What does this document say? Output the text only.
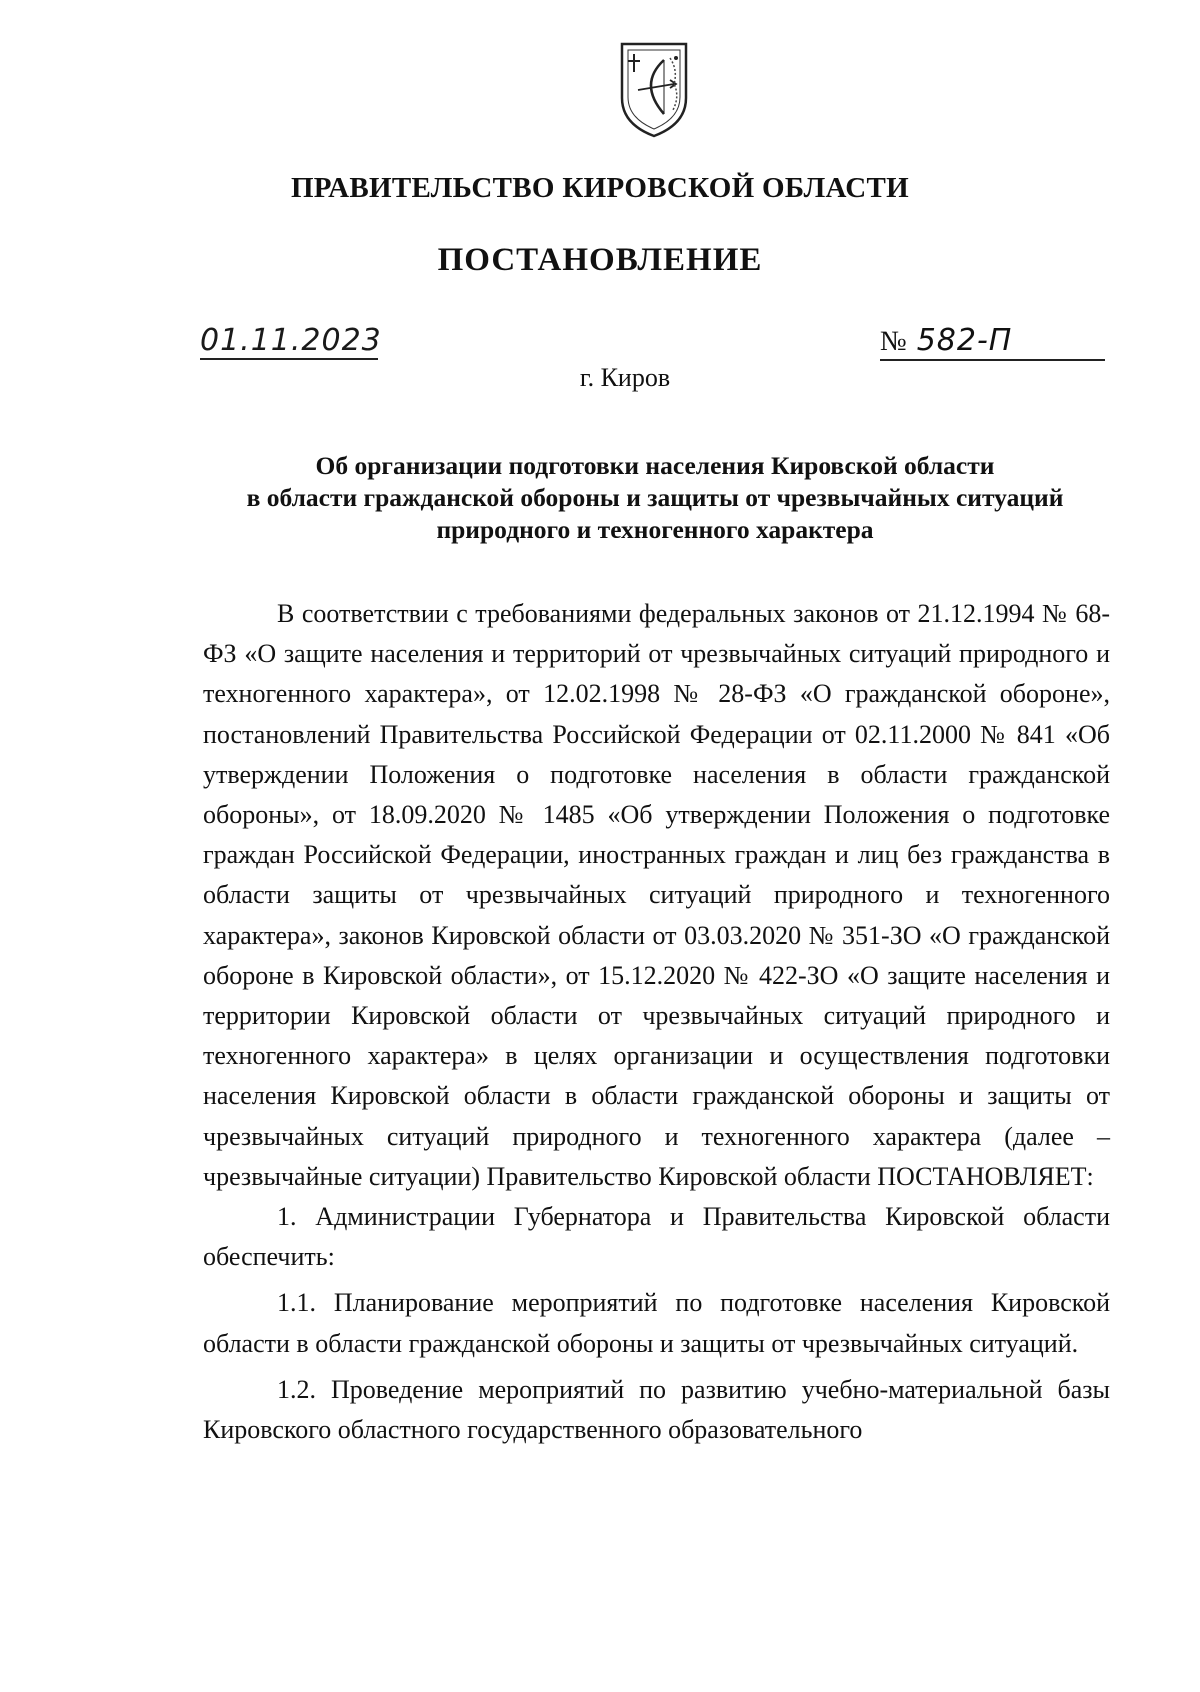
ПРАВИТЕЛЬСТВО КИРОВСКОЙ ОБЛАСТИ
ПОСТАНОВЛЕНИЕ
01.11.2023	№ 582-П
г. Киров
Об организации подготовки населения Кировской области
в области гражданской обороны и защиты от чрезвычайных ситуаций
природного и техногенного характера

В соответствии с требованиями федеральных законов от 21.12.1994 № 68-ФЗ «О защите населения и территорий от чрезвычайных ситуаций природного и техногенного характера», от 12.02.1998 № 28-ФЗ «О гражданской обороне», постановлений Правительства Российской Федерации от 02.11.2000 № 841 «Об утверждении Положения о подготовке населения в области гражданской обороны», от 18.09.2020 № 1485 «Об утверждении Положения о подготовке граждан Российской Федерации, иностранных граждан и лиц без гражданства в области защиты от чрезвычайных ситуаций природного и техногенного характера», законов Кировской области от 03.03.2020 № 351-ЗО «О гражданской обороне в Кировской области», от 15.12.2020 № 422-ЗО «О защите населения и территории Кировской области от чрезвычайных ситуаций природного и техногенного характера» в целях организации и осуществления подготовки населения Кировской области в области гражданской обороны и защиты от чрезвычайных ситуаций природного и техногенного характера (далее – чрезвычайные ситуации) Правительство Кировской области ПОСТАНОВЛЯЕТ:

1. Администрации Губернатора и Правительства Кировской области обеспечить:

1.1. Планирование мероприятий по подготовке населения Кировской области в области гражданской обороны и защиты от чрезвычайных ситуаций.

1.2. Проведение мероприятий по развитию учебно-материальной базы Кировского областного государственного образовательного
